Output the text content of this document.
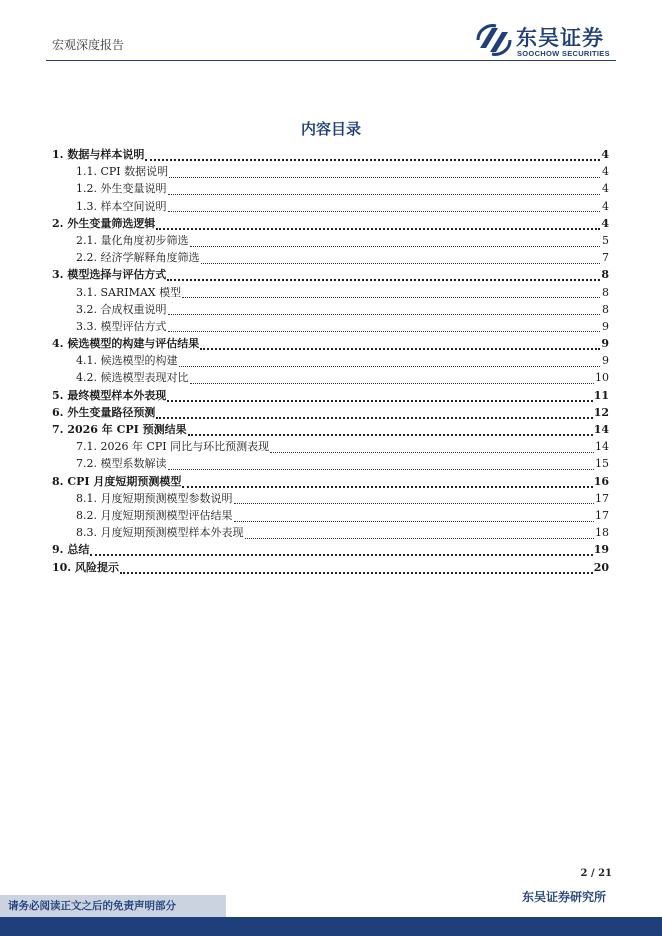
宏观深度报告	东吴证券
SOOCHOW SECURITIES
内容目录
1. 数据与样本说明	4
1.1. CPI 数据说明	4
1.2. 外生变量说明	4
1.3. 样本空间说明	4
2. 外生变量筛选逻辑	4
2.1. 量化角度初步筛选	5
2.2. 经济学解释角度筛选	7
3. 模型选择与评估方式	8
3.1. SARIMAX 模型	8
3.2. 合成权重说明	8
3.3. 模型评估方式	9
4. 候选模型的构建与评估结果	9
4.1. 候选模型的构建	9
4.2. 候选模型表现对比	10
5. 最终模型样本外表现	11
6. 外生变量路径预测	12
7. 2026 年 CPI 预测结果	14
7.1. 2026 年 CPI 同比与环比预测表现	14
7.2. 模型系数解读	15
8. CPI 月度短期预测模型	16
8.1. 月度短期预测模型参数说明	17
8.2. 月度短期预测模型评估结果	17
8.3. 月度短期预测模型样本外表现	18
9. 总结	19
10. 风险提示	20
2 / 21
请务必阅读正文之后的免责声明部分
东吴证券研究所
